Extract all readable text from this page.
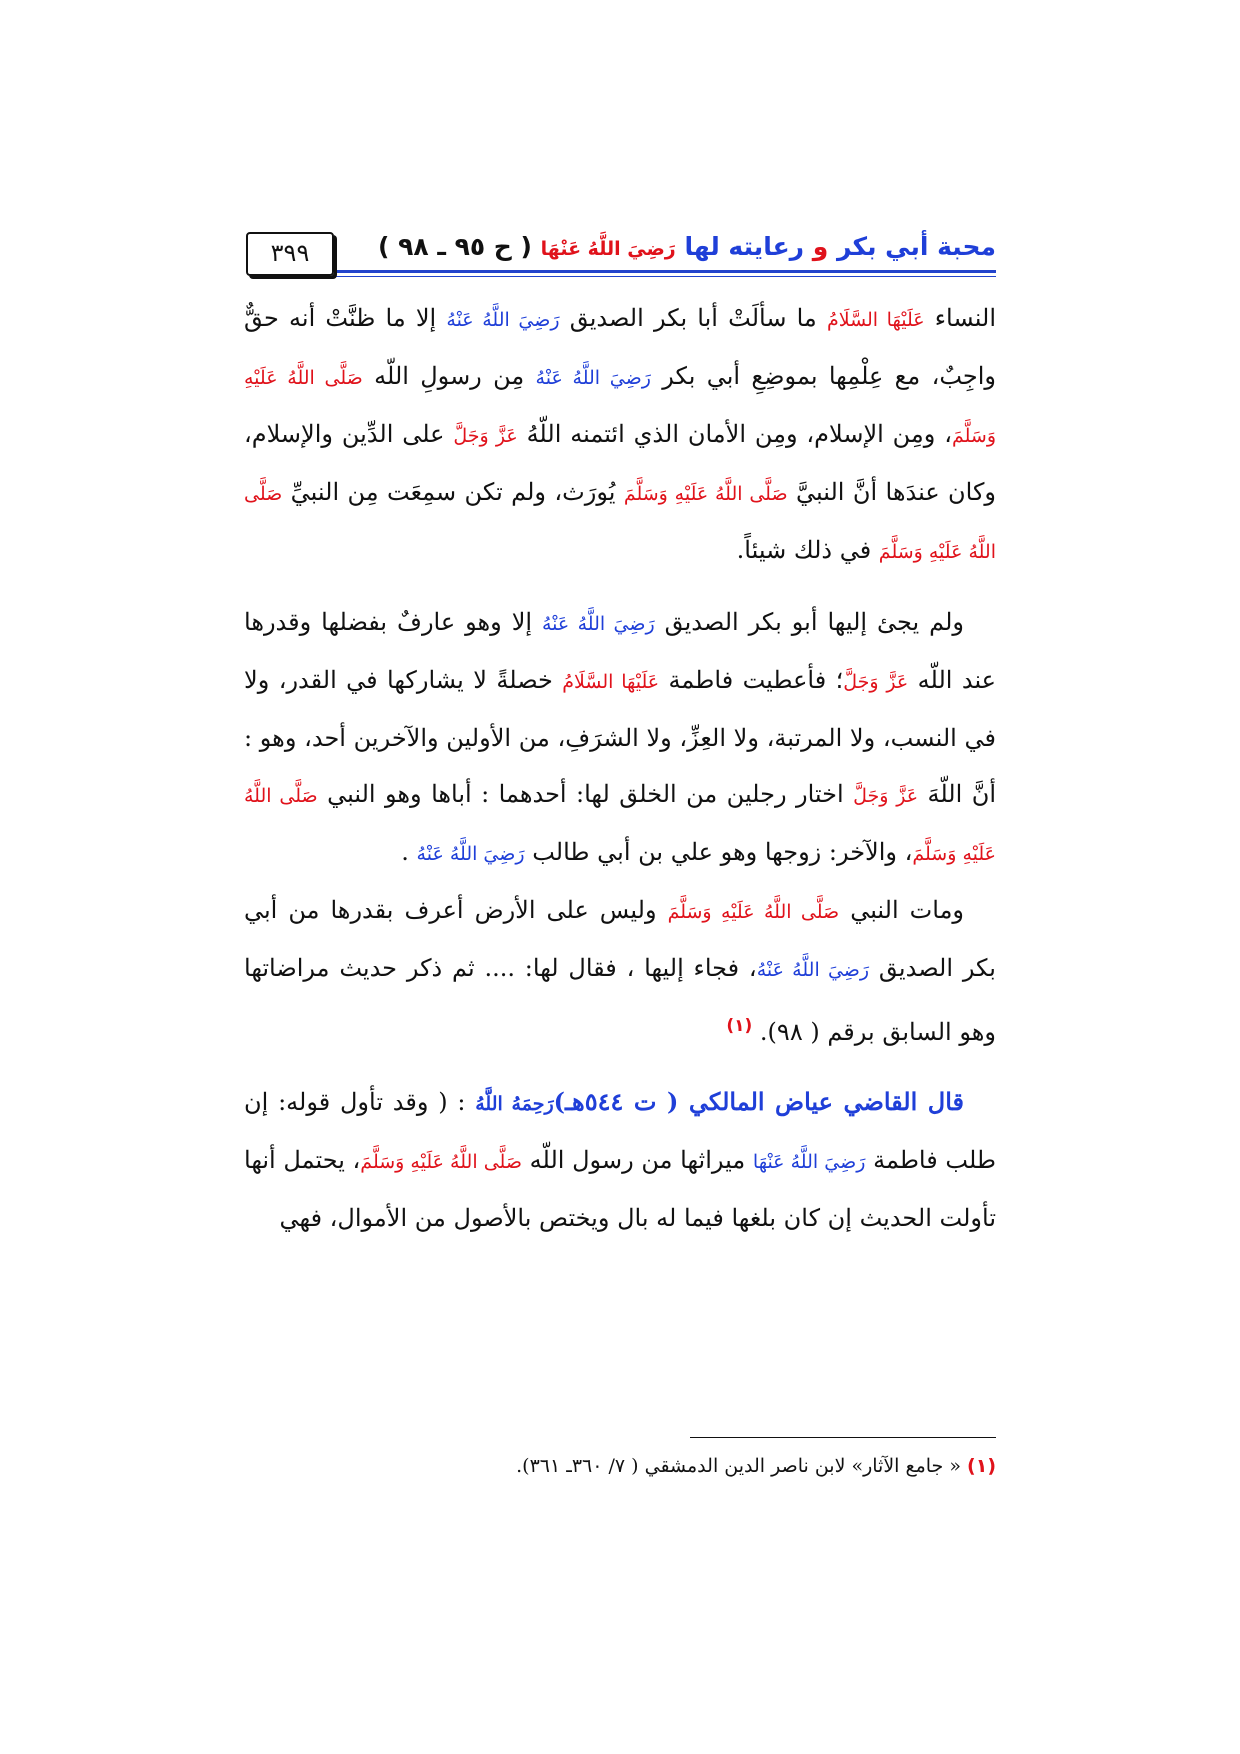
محبة أبي بكر و رعايته لها رَضِيَ اللَّهُ عَنْهَا ( ح ٩٥ ـ ٩٨ )
٣٩٩

النساء عَلَيْهَا السَّلَامُ ما سألَتْ أبا بكر الصديق رَضِيَ اللَّهُ عَنْهُ إلا ما ظنَّتْ أنه حقٌّ واجِبٌ، مع عِلْمِها بموضِعِ أبي بكر رَضِيَ اللَّهُ عَنْهُ مِن رسولِ اللّه صَلَّى اللَّهُ عَلَيْهِ وَسَلَّمَ، ومِن الإسلام، ومِن الأمان الذي ائتمنه اللّهُ عَزَّ وَجَلَّ على الدِّين والإسلام، وكان عندَها أنَّ النبيَّ صَلَّى اللَّهُ عَلَيْهِ وَسَلَّمَ يُورَث، ولم تكن سمِعَت مِن النبيِّ صَلَّى اللَّهُ عَلَيْهِ وَسَلَّمَ في ذلك شيئاً.

ولم يجئ إليها أبو بكر الصديق رَضِيَ اللَّهُ عَنْهُ إلا وهو عارفٌ بفضلها وقدرها عند اللّه عَزَّ وَجَلَّ؛ فأعطيت فاطمة عَلَيْهَا السَّلَامُ خصلةً لا يشاركها في القدر، ولا في النسب، ولا المرتبة، ولا العِزِّ، ولا الشرَفِ، من الأولين والآخرين أحد، وهو : أنَّ اللّهَ عَزَّ وَجَلَّ اختار رجلين من الخلق لها: أحدهما : أباها وهو النبي صَلَّى اللَّهُ عَلَيْهِ وَسَلَّمَ، والآخر: زوجها وهو علي بن أبي طالب رَضِيَ اللَّهُ عَنْهُ .

ومات النبي صَلَّى اللَّهُ عَلَيْهِ وَسَلَّمَ وليس على الأرض أعرف بقدرها من أبي بكر الصديق رَضِيَ اللَّهُ عَنْهُ، فجاء إليها ، فقال لها: .... ثم ذكر حديث مراضاتها وهو السابق برقم ( ٩٨). $^{(١)}$

قال القاضي عياض المالكي ( ت ٥٤٤هـ)رَحِمَهُ اللَّهُ : ( وقد تأول قوله: إن طلب فاطمة رَضِيَ اللَّهُ عَنْهَا ميراثها من رسول اللّه صَلَّى اللَّهُ عَلَيْهِ وَسَلَّمَ، يحتمل أنها تأولت الحديث إن كان بلغها فيما له بال ويختص بالأصول من الأموال، فهي

(١) « جامع الآثار» لابن ناصر الدين الدمشقي ( ٧/ ٣٦٠ـ ٣٦١).
